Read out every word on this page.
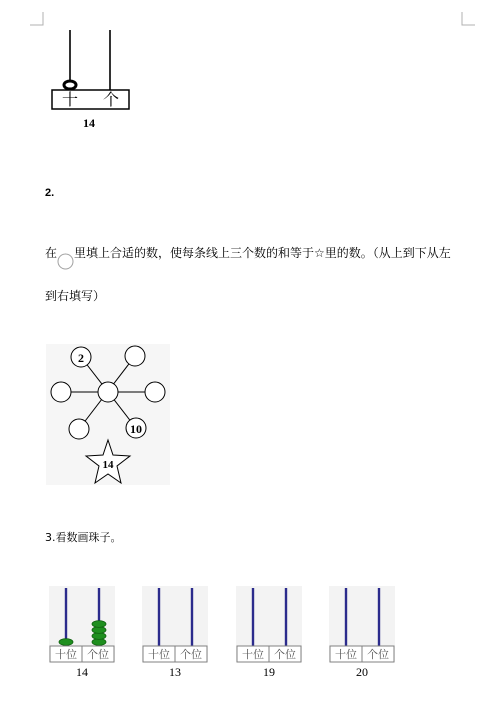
十 个
14
2.
在 里填上合适的数，使每条线上三个数的和等于☆里的数。（从上到下从左
到右填写）
2
10
14
3.看数画珠子。
十位 个位
14
十位 个位
13
十位 个位
19
十位 个位
20
